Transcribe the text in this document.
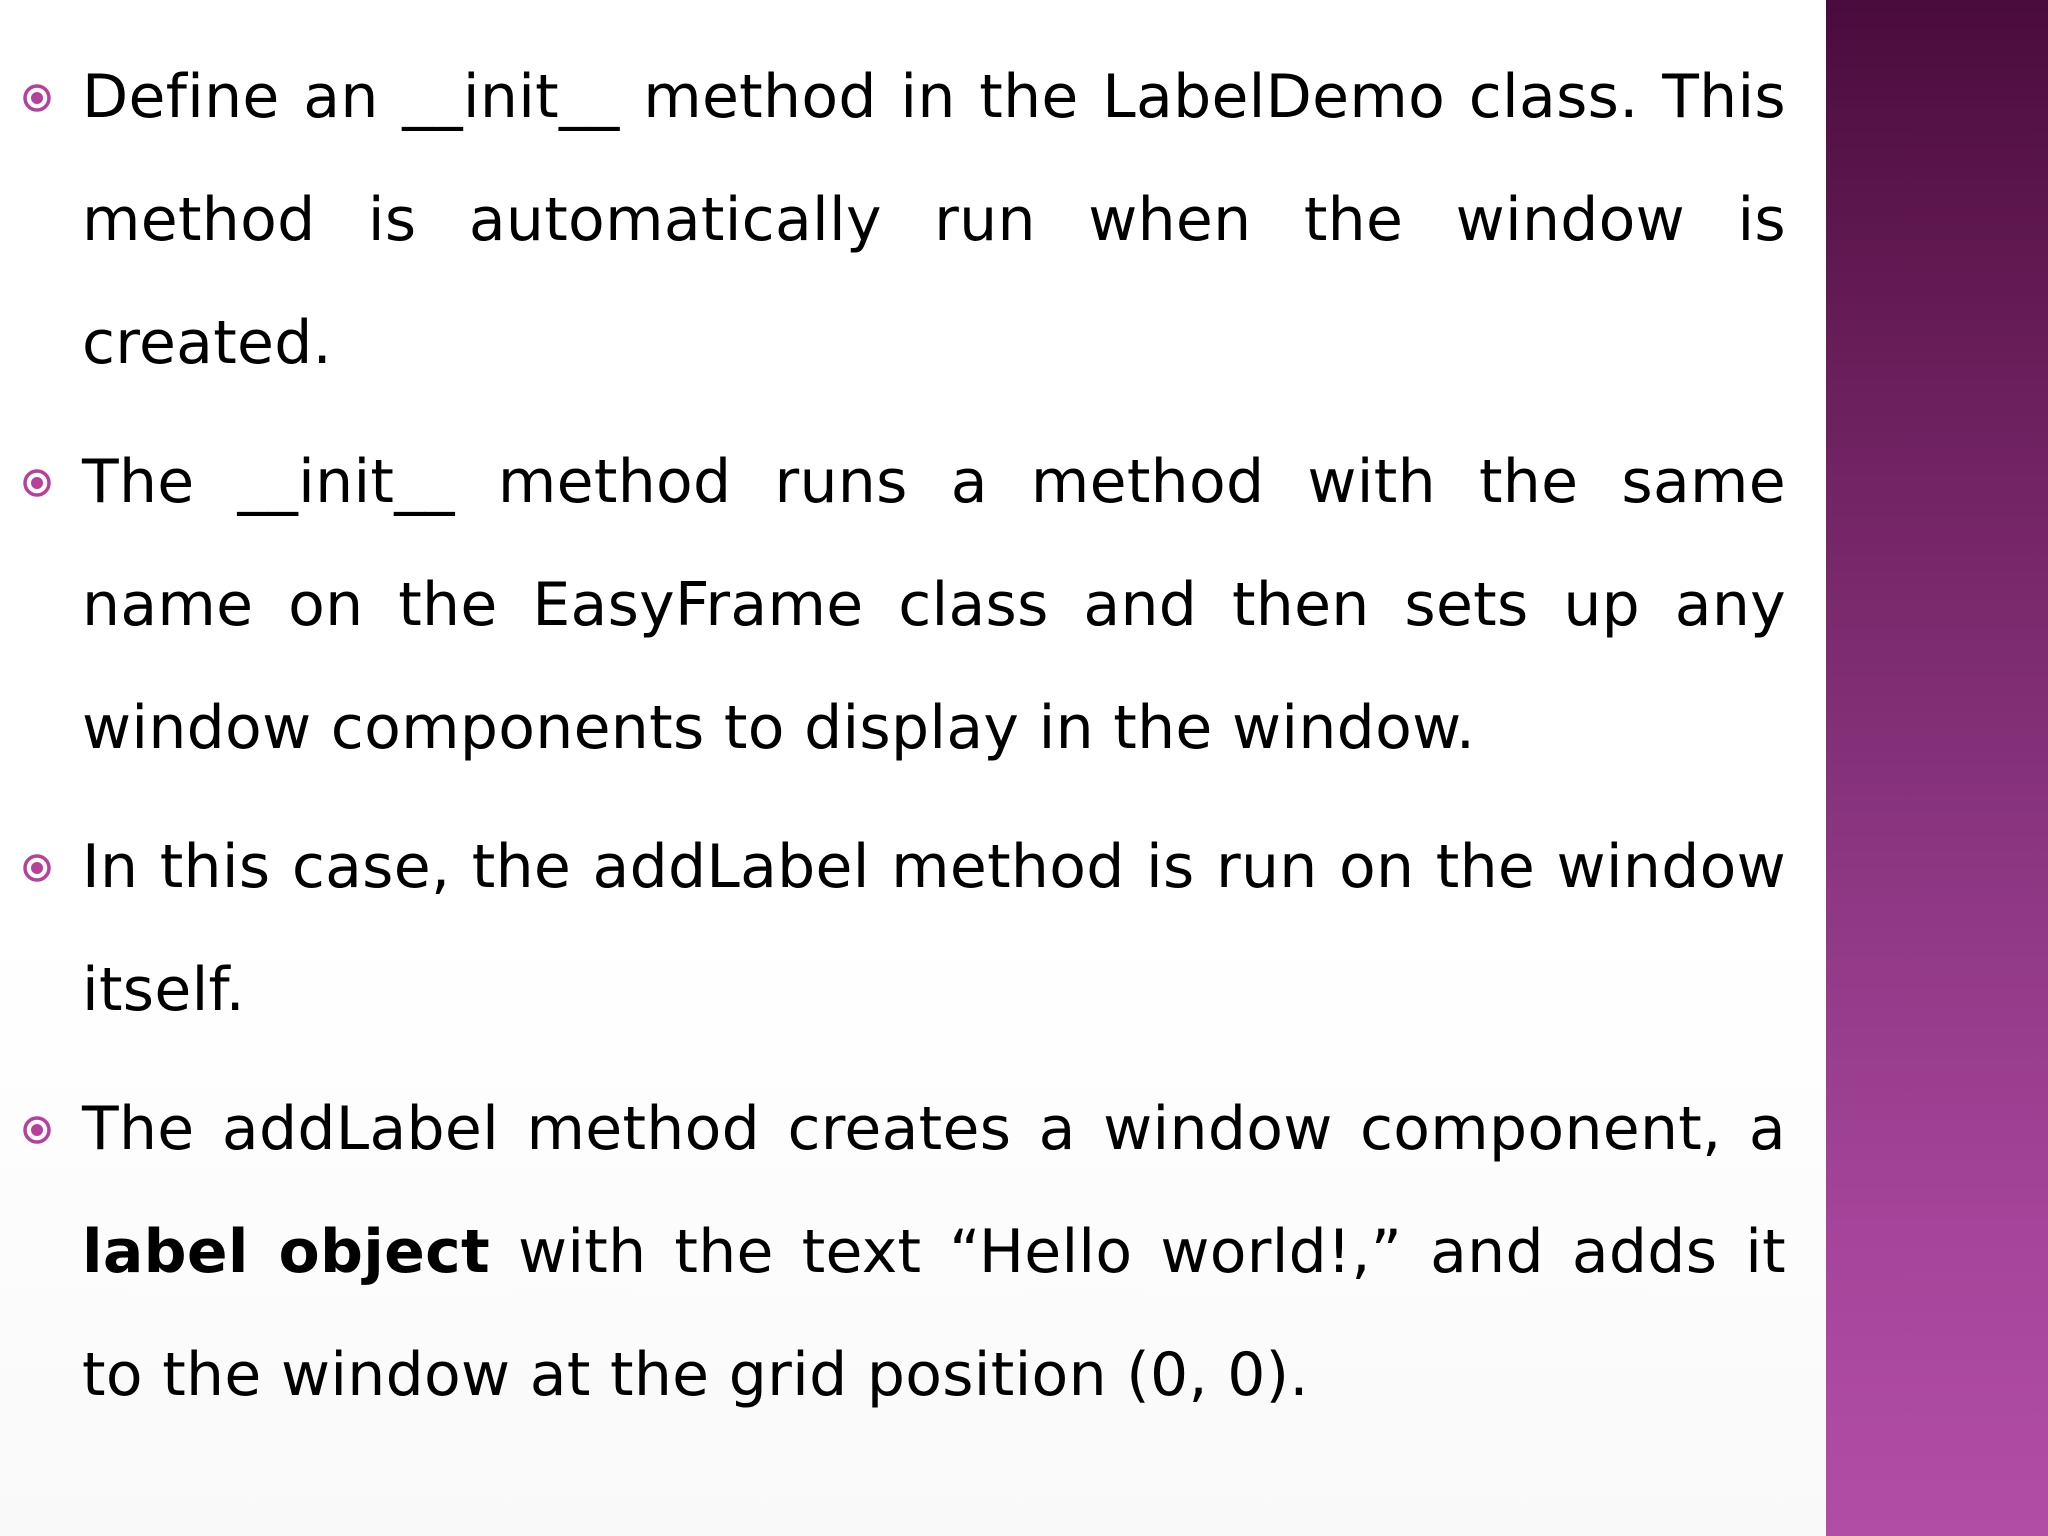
Define an __init__ method in the LabelDemo class. This method is automatically run when the window is created.
The __init__ method runs a method with the same name on the EasyFrame class and then sets up any window components to display in the window.
In this case, the addLabel method is run on the window itself.
The addLabel method creates a window component, a label object with the text “Hello world!,” and adds it to the window at the grid position (0, 0).
